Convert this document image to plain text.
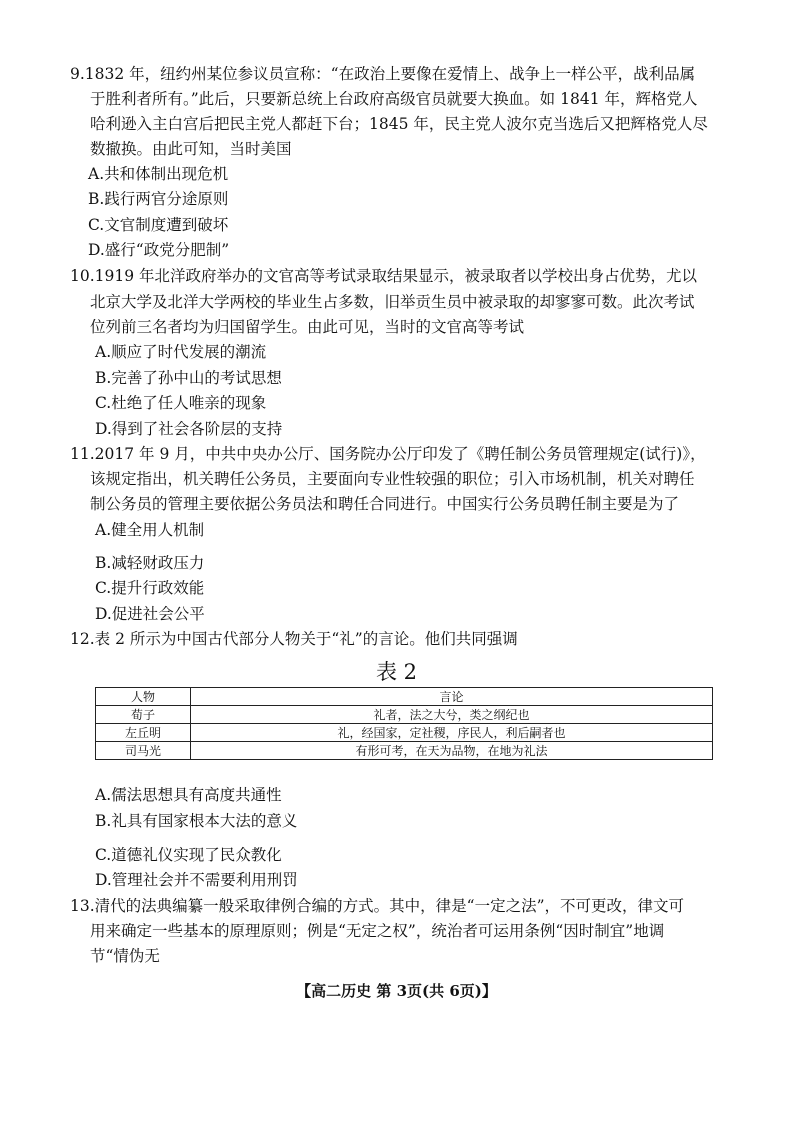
9.1832 年，纽约州某位参议员宣称：“在政治上要像在爱情上、战争上一样公平，战利品属
于胜利者所有。”此后，只要新总统上台政府高级官员就要大换血。如 1841 年，辉格党人
哈利逊入主白宫后把民主党人都赶下台；1845 年，民主党人波尔克当选后又把辉格党人尽
数撤换。由此可知，当时美国
A.共和体制出现危机
B.践行两官分途原则
C.文官制度遭到破坏
D.盛行“政党分肥制”
10.1919 年北洋政府举办的文官高等考试录取结果显示，被录取者以学校出身占优势，尤以
北京大学及北洋大学两校的毕业生占多数，旧举贡生员中被录取的却寥寥可数。此次考试
位列前三名者均为归国留学生。由此可见，当时的文官高等考试
A.顺应了时代发展的潮流
B.完善了孙中山的考试思想
C.杜绝了任人唯亲的现象
D.得到了社会各阶层的支持
11.2017 年 9 月，中共中央办公厅、国务院办公厅印发了《聘任制公务员管理规定(试行)》，
该规定指出，机关聘任公务员，主要面向专业性较强的职位；引入市场机制，机关对聘任
制公务员的管理主要依据公务员法和聘任合同进行。中国实行公务员聘任制主要是为了
A.健全用人机制
B.减轻财政压力
C.提升行政效能
D.促进社会公平
12.表 2 所示为中国古代部分人物关于“礼”的言论。他们共同强调
表 2
人物	言论
荀子	礼者，法之大兮，类之纲纪也
左丘明	礼，经国家，定社稷，序民人，利后嗣者也
司马光	有形可考，在天为品物，在地为礼法
A.儒法思想具有高度共通性
B.礼具有国家根本大法的意义
C.道德礼仪实现了民众教化
D.管理社会并不需要利用刑罚
13.清代的法典编纂一般采取律例合编的方式。其中，律是“一定之法”，不可更改，律文可
用来确定一些基本的原理原则；例是“无定之权”，统治者可运用条例“因时制宜”地调
节“情伪无
【高二历史 第 3页(共 6页)】
